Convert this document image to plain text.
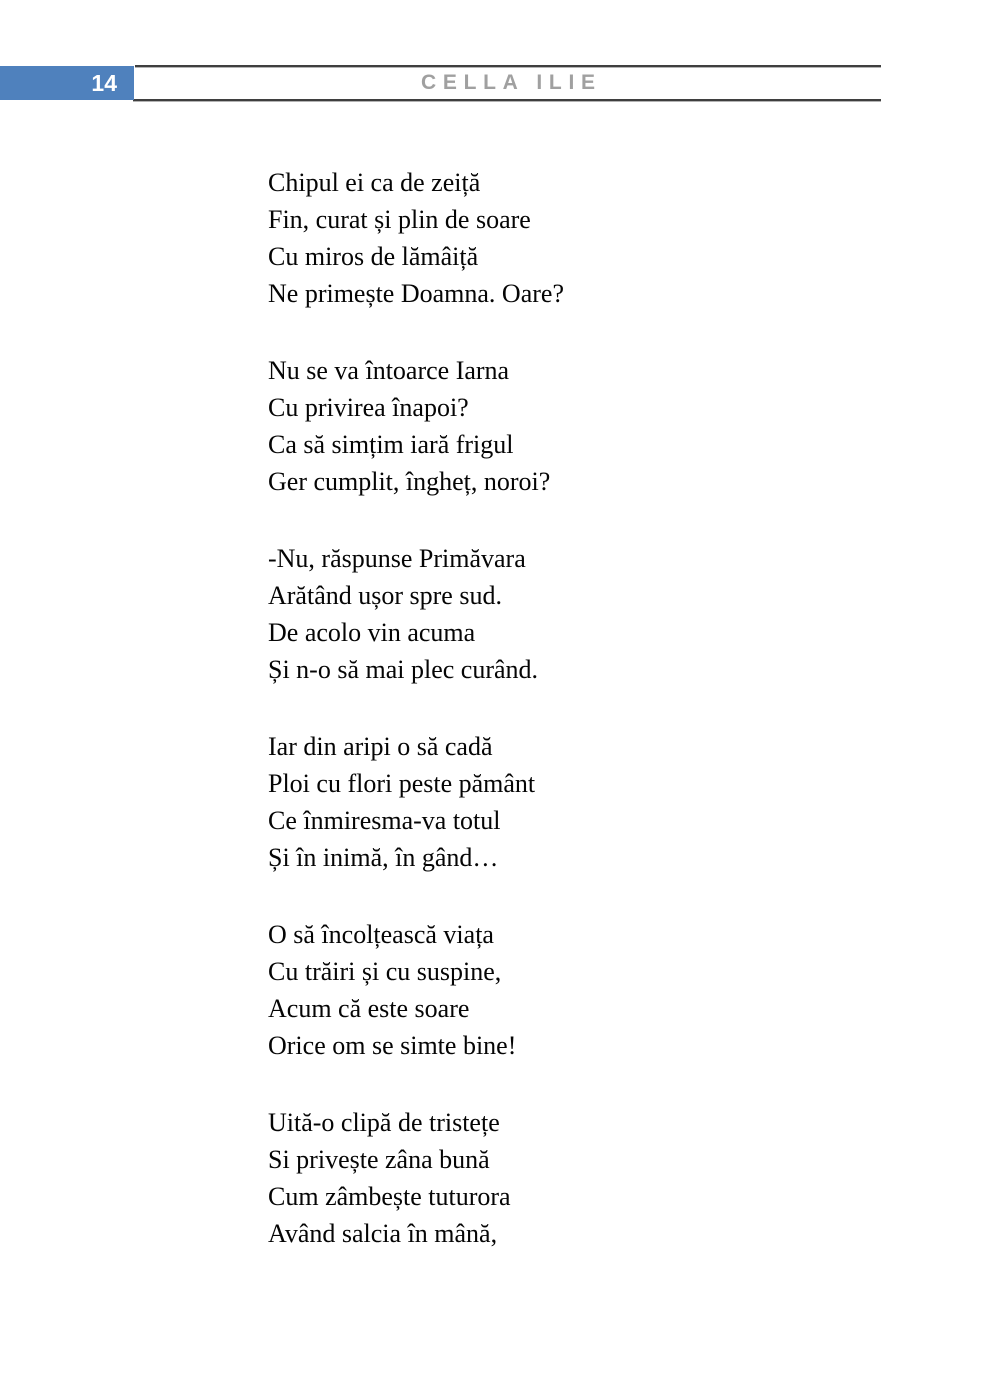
14	CELLA ILIE

Chipul ei ca de zeiță

Fin, curat și plin de soare

Cu miros de lămâiță

Ne primește Doamna. Oare?

Nu se va întoarce Iarna

Cu privirea înapoi?

Ca să simțim iară frigul

Ger cumplit, îngheț, noroi?

-Nu, răspunse Primăvara

Arătând ușor spre sud.

De acolo vin acuma

Și n-o să mai plec curând.

Iar din aripi o să cadă

Ploi cu flori peste pământ

Ce înmiresma-va totul

Și în inimă, în gând…

O să încolțească viața

Cu trăiri și cu suspine,

Acum că este soare

Orice om se simte bine!

Uită-o clipă de tristețe

Si privește zâna bună

Cum zâmbește tuturora

Având salcia în mână,
